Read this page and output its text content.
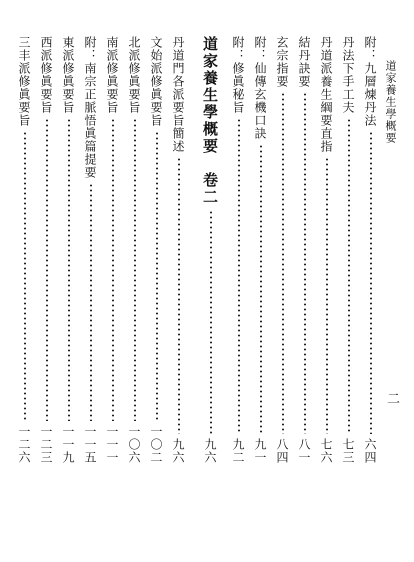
道家養生學概要
二
附：九層煉丹法
六四
丹法下手工夫
七三
丹道派養生綱要直指
七六
結丹訣要
八一
玄宗指要
八四
附：仙傳玄機口訣
九一
附：修眞秘旨
九二
道家養生學概要　卷二
九六
丹道門各派要旨簡述
九六
文始派修眞要旨
一〇二
北派修眞要旨
一〇六
南派修眞要旨
一一一
附：南宗正脈悟眞篇提要
一一五
東派修眞要旨
一一九
西派修眞要旨
一二三
三丰派修眞要旨
一二六
